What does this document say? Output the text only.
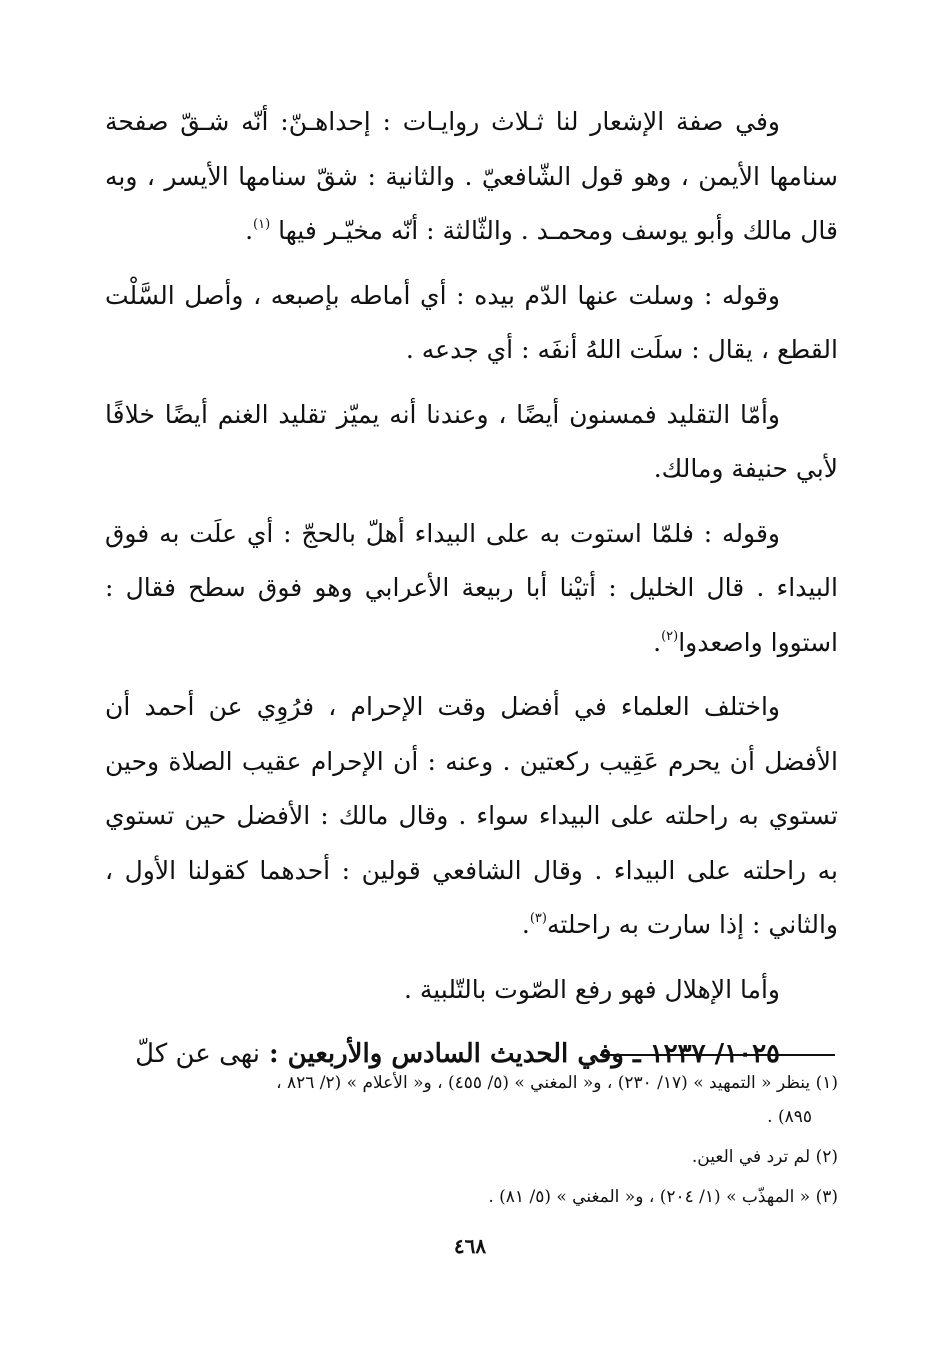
وفي صفة الإشعار لنا ثـلاث روايـات : إحداهـنّ: أنّه شـقّ صفحة سنامها الأيمن ، وهو قول الشّافعيّ . والثانية : شقّ سنامها الأيسر ، وبه قال مالك وأبو يوسف ومحمـد . والثّالثة : أنّه مخيّـر فيها $^{(١)}$.

وقوله : وسلت عنها الدّم بيده : أي أماطه بإصبعه ، وأصل السَّلْت القطع ، يقال : سلَت اللهُ أنفَه : أي جدعه .

وأمّا التقليد فمسنون أيضًا ، وعندنا أنه يميّز تقليد الغنم أيضًا خلافًا لأبي حنيفة ومالك.

وقوله : فلمّا استوت به على البيداء أهلّ بالحجّ : أي علَت به فوق البيداء . قال الخليل : أتيْنا أبا ربيعة الأعرابي وهو فوق سطح فقال : استووا واصعدوا$^{(٢)}$.

واختلف العلماء في أفضل وقت الإحرام ، فرُوِي عن أحمد أن الأفضل أن يحرم عَقِيب ركعتين . وعنه : أن الإحرام عقيب الصلاة وحين تستوي به راحلته على البيداء سواء . وقال مالك : الأفضل حين تستوي به راحلته على البيداء . وقال الشافعي قولين : أحدهما كقولنا الأول ، والثاني : إذا سارت به راحلته$^{(٣)}$.

وأما الإهلال فهو رفع الصّوت بالتّلبية .

١٠٢٥/ ١٢٣٧ ـ وفي الحديث السادس والأربعين : نهى عن كلّ

(١) ينظر « التمهيد » (١٧/ ٢٣٠) ، و« المغني » (٥/ ٤٥٥) ، و« الأعلام » (٢/ ٨٢٦ ،
٨٩٥) .
(٢) لم ترد في العين.
(٣) « المهذّب » (١/ ٢٠٤) ، و« المغني » (٥/ ٨١) .
٤٦٨
